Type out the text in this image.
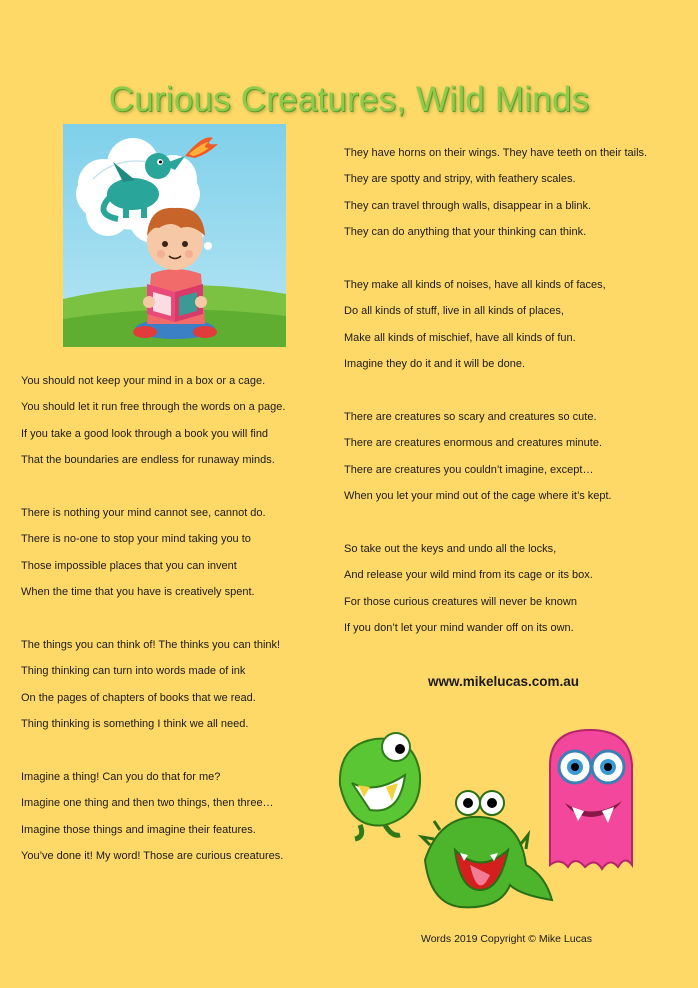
Curious Creatures, Wild Minds
You should not keep your mind in a box or a cage.
You should let it run free through the words on a page.
If you take a good look through a book you will find
That the boundaries are endless for runaway minds.
There is nothing your mind cannot see, cannot do.
There is no-one to stop your mind taking you to
Those impossible places that you can invent
When the time that you have is creatively spent.
The things you can think of! The thinks you can think!
Thing thinking can turn into words made of ink
On the pages of chapters of books that we read.
Thing thinking is something I think we all need.
Imagine a thing! Can you do that for me?
Imagine one thing and then two things, then three…
Imagine those things and imagine their features.
You’ve done it! My word! Those are curious creatures.
They have horns on their wings. They have teeth on their tails.
They are spotty and stripy, with feathery scales.
They can travel through walls, disappear in a blink.
They can do anything that your thinking can think.
They make all kinds of noises, have all kinds of faces,
Do all kinds of stuff, live in all kinds of places,
Make all kinds of mischief, have all kinds of fun.
Imagine they do it and it will be done.
There are creatures so scary and creatures so cute.
There are creatures enormous and creatures minute.
There are creatures you couldn’t imagine, except…
When you let your mind out of the cage where it’s kept.
So take out the keys and undo all the locks,
And release your wild mind from its cage or its box.
For those curious creatures will never be known
If you don’t let your mind wander off on its own.
www.mikelucas.com.au
Words 2019 Copyright © Mike Lucas
